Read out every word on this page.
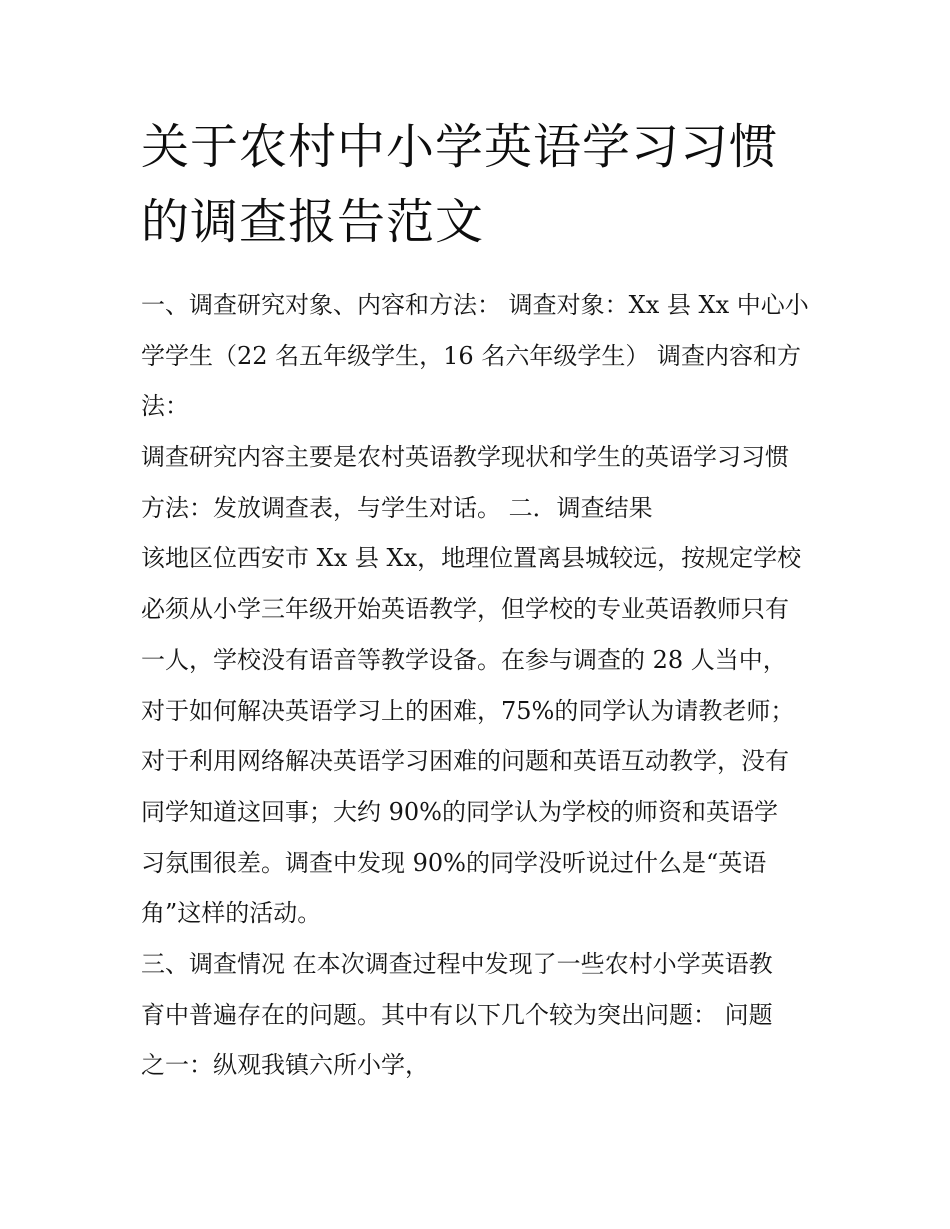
关于农村中小学英语学习习惯
的调查报告范文
一、调查研究对象、内容和方法： 调查对象：Xx 县 Xx 中心小
学学生（22 名五年级学生，16 名六年级学生） 调查内容和方
法：
调查研究内容主要是农村英语教学现状和学生的英语学习习惯
方法：发放调查表，与学生对话。 二．调查结果
该地区位西安市 Xx 县 Xx，地理位置离县城较远，按规定学校
必须从小学三年级开始英语教学，但学校的专业英语教师只有
一人，学校没有语音等教学设备。在参与调查的 28 人当中，
对于如何解决英语学习上的困难，75%的同学认为请教老师；
对于利用网络解决英语学习困难的问题和英语互动教学，没有
同学知道这回事；大约 90%的同学认为学校的师资和英语学
习氛围很差。调查中发现 90%的同学没听说过什么是“英语
角”这样的活动。
三、调查情况 在本次调查过程中发现了一些农村小学英语教
育中普遍存在的问题。其中有以下几个较为突出问题： 问题
之一：纵观我镇六所小学，
